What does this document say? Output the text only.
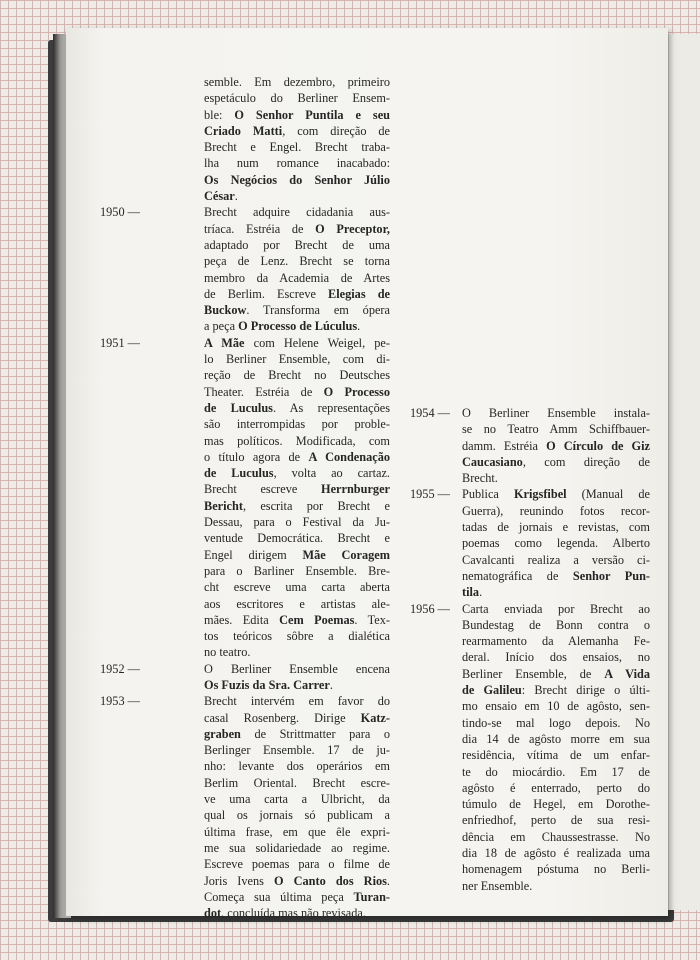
semble. Em dezembro, primeiro
espetáculo do Berliner Ensem-
ble: O Senhor Puntila e seu
Criado Matti, com direção de
Brecht e Engel. Brecht traba-
lha num romance inacabado:
Os Negócios do Senhor Júlio
César.
1950 —	Brecht adquire cidadania aus-
tríaca. Estréia de O Preceptor,
adaptado por Brecht de uma
peça de Lenz. Brecht se torna
membro da Academia de Artes
de Berlim. Escreve Elegias de
Buckow. Transforma em ópera
a peça O Processo de Lúculus.
1951 —	A Mãe com Helene Weigel, pe-
lo Berliner Ensemble, com di-
reção de Brecht no Deutsches
Theater. Estréia de O Processo
de Luculus. As representações
são interrompidas por proble-
mas políticos. Modificada, com
o título agora de A Condenação
de Luculus, volta ao cartaz.
Brecht escreve Herrnburger
Bericht, escrita por Brecht e
Dessau, para o Festival da Ju-
ventude Democrática. Brecht e
Engel dirigem Mãe Coragem
para o Barliner Ensemble. Bre-
cht escreve uma carta aberta
aos escritores e artistas ale-
mães. Edita Cem Poemas. Tex-
tos teóricos sôbre a dialética
no teatro.
1952 —	O Berliner Ensemble encena
Os Fuzis da Sra. Carrer.
1953 —	Brecht intervém em favor do
casal Rosenberg. Dirige Katz-
graben de Strittmatter para o
Berlinger Ensemble. 17 de ju-
nho: levante dos operários em
Berlim Oriental. Brecht escre-
ve uma carta a Ulbricht, da
qual os jornais só publicam a
última frase, em que êle expri-
me sua solidariedade ao regime.
Escreve poemas para o filme de
Joris Ivens O Canto dos Rios.
Começa sua última peça Turan-
dot, concluída mas não revisada.
1954 — O Berliner Ensemble instala-
se no Teatro Amm Schiffbauer-
damm. Estréia O Círculo de Giz
Caucasiano, com direção de
Brecht.
1955 — Publica Krigsfibel (Manual de
Guerra), reunindo fotos recor-
tadas de jornais e revistas, com
poemas como legenda. Alberto
Cavalcanti realiza a versão ci-
nematográfica de Senhor Pun-
tila.
1956 — Carta enviada por Brecht ao
Bundestag de Bonn contra o
rearmamento da Alemanha Fe-
deral. Início dos ensaios, no
Berliner Ensemble, de A Vida
de Galileu: Brecht dirige o últi-
mo ensaio em 10 de agôsto, sen-
tindo-se mal logo depois. No
dia 14 de agôsto morre em sua
residência, vítima de um enfar-
te do miocárdio. Em 17 de
agôsto é enterrado, perto do
túmulo de Hegel, em Dorothe-
enfriedhof, perto de sua resi-
dência em Chaussestrasse. No
dia 18 de agôsto é realizada uma
homenagem póstuma no Berli-
ner Ensemble.
